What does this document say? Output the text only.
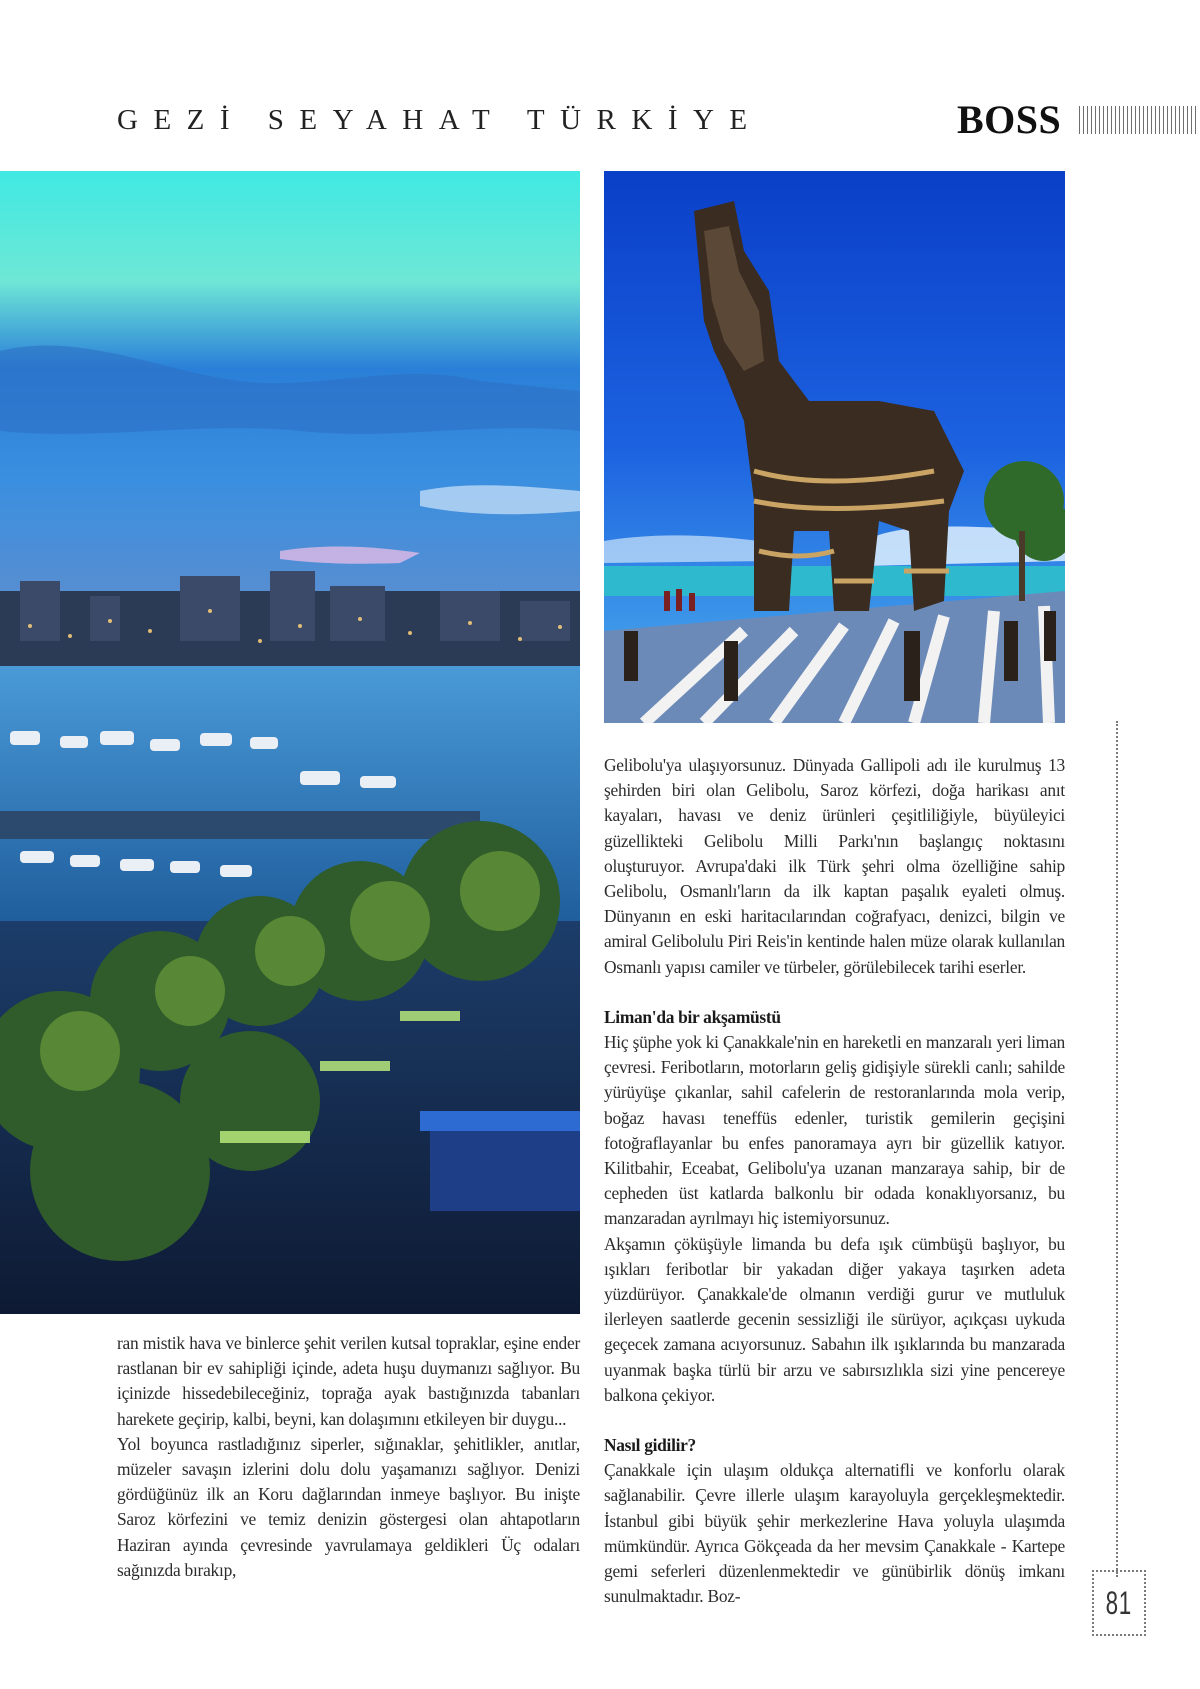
GEZİ SEYAHAT TÜRKİYE	BOSS

ran mistik hava ve binlerce şehit verilen kutsal topraklar, eşine ender rastlanan bir ev sahipliği içinde, adeta huşu duymanızı sağlıyor. Bu içinizde hissedebileceğiniz, toprağa ayak bastığınızda tabanları harekete geçirip, kalbi, beyni, kan dolaşımını etkileyen bir duygu...

Yol boyunca rastladığınız siperler, sığınaklar, şehitlikler, anıtlar, müzeler savaşın izlerini dolu dolu yaşamanızı sağlıyor. Denizi gördüğünüz ilk an Koru dağlarından inmeye başlıyor. Bu inişte Saroz körfezini ve temiz denizin göstergesi olan ahtapotların Haziran ayında çevresinde yavrulamaya geldikleri Üç odaları sağınızda bırakıp,

Gelibolu'ya ulaşıyorsunuz. Dünyada Gallipoli adı ile kurulmuş 13 şehirden biri olan Gelibolu, Saroz körfezi, doğa harikası anıt kayaları, havası ve deniz ürünleri çeşitliliğiyle, büyüleyici güzellikteki Gelibolu Milli Parkı'nın başlangıç noktasını oluşturuyor. Avrupa'daki ilk Türk şehri olma özelliğine sahip Gelibolu, Osmanlı'ların da ilk kaptan paşalık eyaleti olmuş. Dünyanın en eski haritacılarından coğrafyacı, denizci, bilgin ve amiral Gelibolulu Piri Reis'in kentinde halen müze olarak kullanılan Osmanlı yapısı camiler ve türbeler, görülebilecek tarihi eserler.

Liman'da bir akşamüstü

Hiç şüphe yok ki Çanakkale'nin en hareketli en manzaralı yeri liman çevresi. Feribotların, motorların geliş gidişiyle sürekli canlı; sahilde yürüyüşe çıkanlar, sahil cafelerin de restoranlarında mola verip, boğaz havası teneffüs edenler, turistik gemilerin geçişini fotoğraflayanlar bu enfes panoramaya ayrı bir güzellik katıyor. Kilitbahir, Eceabat, Gelibolu'ya uzanan manzaraya sahip, bir de cepheden üst katlarda balkonlu bir odada konaklıyorsanız, bu manzaradan ayrılmayı hiç istemiyorsunuz.

Akşamın çöküşüyle limanda bu defa ışık cümbüşü başlıyor, bu ışıkları feribotlar bir yakadan diğer yakaya taşırken adeta yüzdürüyor. Çanakkale'de olmanın verdiği gurur ve mutluluk ilerleyen saatlerde gecenin sessizliği ile sürüyor, açıkçası uykuda geçecek zamana acıyorsunuz. Sabahın ilk ışıklarında bu manzarada uyanmak başka türlü bir arzu ve sabırsızlıkla sizi yine pencereye balkona çekiyor.

Nasıl gidilir?

Çanakkale için ulaşım oldukça alternatifli ve konforlu olarak sağlanabilir. Çevre illerle ulaşım karayoluyla gerçekleşmektedir. İstanbul gibi büyük şehir merkezlerine Hava yoluyla ulaşımda mümkündür. Ayrıca Gökçeada da her mevsim Çanakkale - Kartepe gemi seferleri düzenlenmektedir ve günübirlik dönüş imkanı sunulmaktadır. Boz-	81
